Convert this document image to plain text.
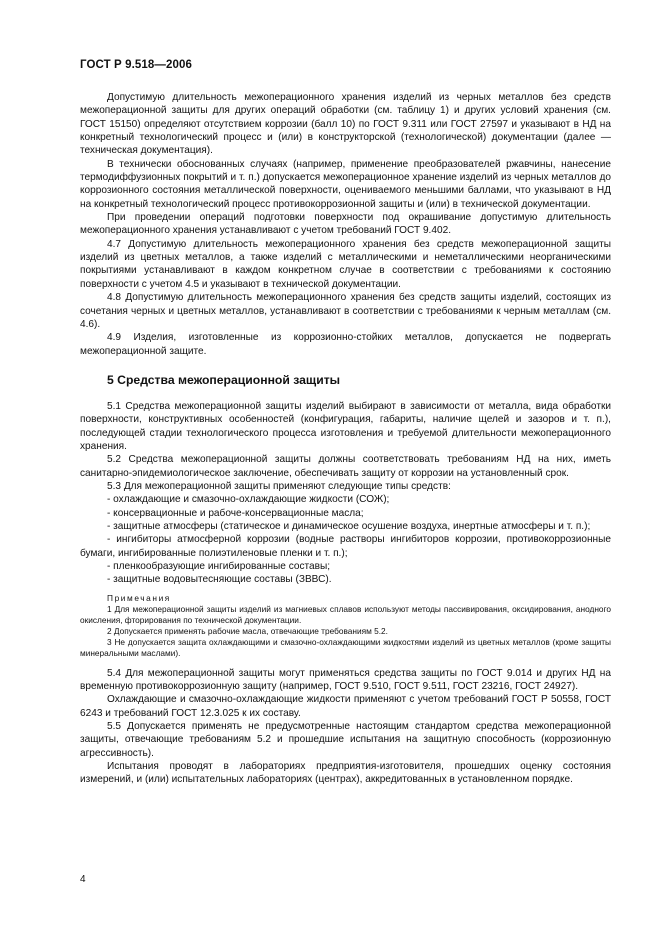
ГОСТ Р 9.518—2006

Допустимую длительность межоперационного хранения изделий из черных металлов без средств межоперационной защиты для других операций обработки (см. таблицу 1) и других условий хранения (см. ГОСТ 15150) определяют отсутствием коррозии (балл 10) по ГОСТ 9.311 или ГОСТ 27597 и указывают в НД на конкретный технологический процесс и (или) в конструкторской (технологической) документации (далее — техническая документация).

В технически обоснованных случаях (например, применение преобразователей ржавчины, нанесение термодиффузионных покрытий и т. п.) допускается межоперационное хранение изделий из черных металлов до коррозионного состояния металлической поверхности, оцениваемого меньшими баллами, что указывают в НД на конкретный технологический процесс противокоррозионной защиты и (или) в технической документации.

При проведении операций подготовки поверхности под окрашивание допустимую длительность межоперационного хранения устанавливают с учетом требований ГОСТ 9.402.

4.7 Допустимую длительность межоперационного хранения без средств межоперационной защиты изделий из цветных металлов, а также изделий с металлическими и неметаллическими неорганическими покрытиями устанавливают в каждом конкретном случае в соответствии с требованиями к состоянию поверхности с учетом 4.5 и указывают в технической документации.

4.8 Допустимую длительность межоперационного хранения без средств защиты изделий, состоящих из сочетания черных и цветных металлов, устанавливают в соответствии с требованиями к черным металлам (см. 4.6).

4.9 Изделия, изготовленные из коррозионно-стойких металлов, допускается не подвергать межоперационной защите.

5 Средства межоперационной защиты

5.1 Средства межоперационной защиты изделий выбирают в зависимости от металла, вида обработки поверхности, конструктивных особенностей (конфигурация, габариты, наличие щелей и зазоров и т. п.), последующей стадии технологического процесса изготовления и требуемой длительности межоперационного хранения.

5.2 Средства межоперационной защиты должны соответствовать требованиям НД на них, иметь санитарно-эпидемиологическое заключение, обеспечивать защиту от коррозии на установленный срок.

5.3 Для межоперационной защиты применяют следующие типы средств:

- охлаждающие и смазочно-охлаждающие жидкости (СОЖ);

- консервационные и рабоче-консервационные масла;

- защитные атмосферы (статическое и динамическое осушение воздуха, инертные атмосферы и т. п.);

- ингибиторы атмосферной коррозии (водные растворы ингибиторов коррозии, противокоррозионные бумаги, ингибированные полиэтиленовые пленки и т. п.);

- пленкообразующие ингибированные составы;

- защитные водовытесняющие составы (ЗВВС).

Примечания

1 Для межоперационной защиты изделий из магниевых сплавов используют методы пассивирования, оксидирования, анодного окисления, фторирования по технической документации.

2 Допускается применять рабочие масла, отвечающие требованиям 5.2.

3 Не допускается защита охлаждающими и смазочно-охлаждающими жидкостями изделий из цветных металлов (кроме защиты минеральными маслами).

5.4 Для межоперационной защиты могут применяться средства защиты по ГОСТ 9.014 и других НД на временную противокоррозионную защиту (например, ГОСТ 9.510, ГОСТ 9.511, ГОСТ 23216, ГОСТ 24927).

Охлаждающие и смазочно-охлаждающие жидкости применяют с учетом требований ГОСТ Р 50558, ГОСТ 6243 и требований ГОСТ 12.3.025 к их составу.

5.5 Допускается применять не предусмотренные настоящим стандартом средства межоперационной защиты, отвечающие требованиям 5.2 и прошедшие испытания на защитную способность (коррозионную агрессивность).

Испытания проводят в лабораториях предприятия-изготовителя, прошедших оценку состояния измерений, и (или) испытательных лабораториях (центрах), аккредитованных в установленном порядке.

4
